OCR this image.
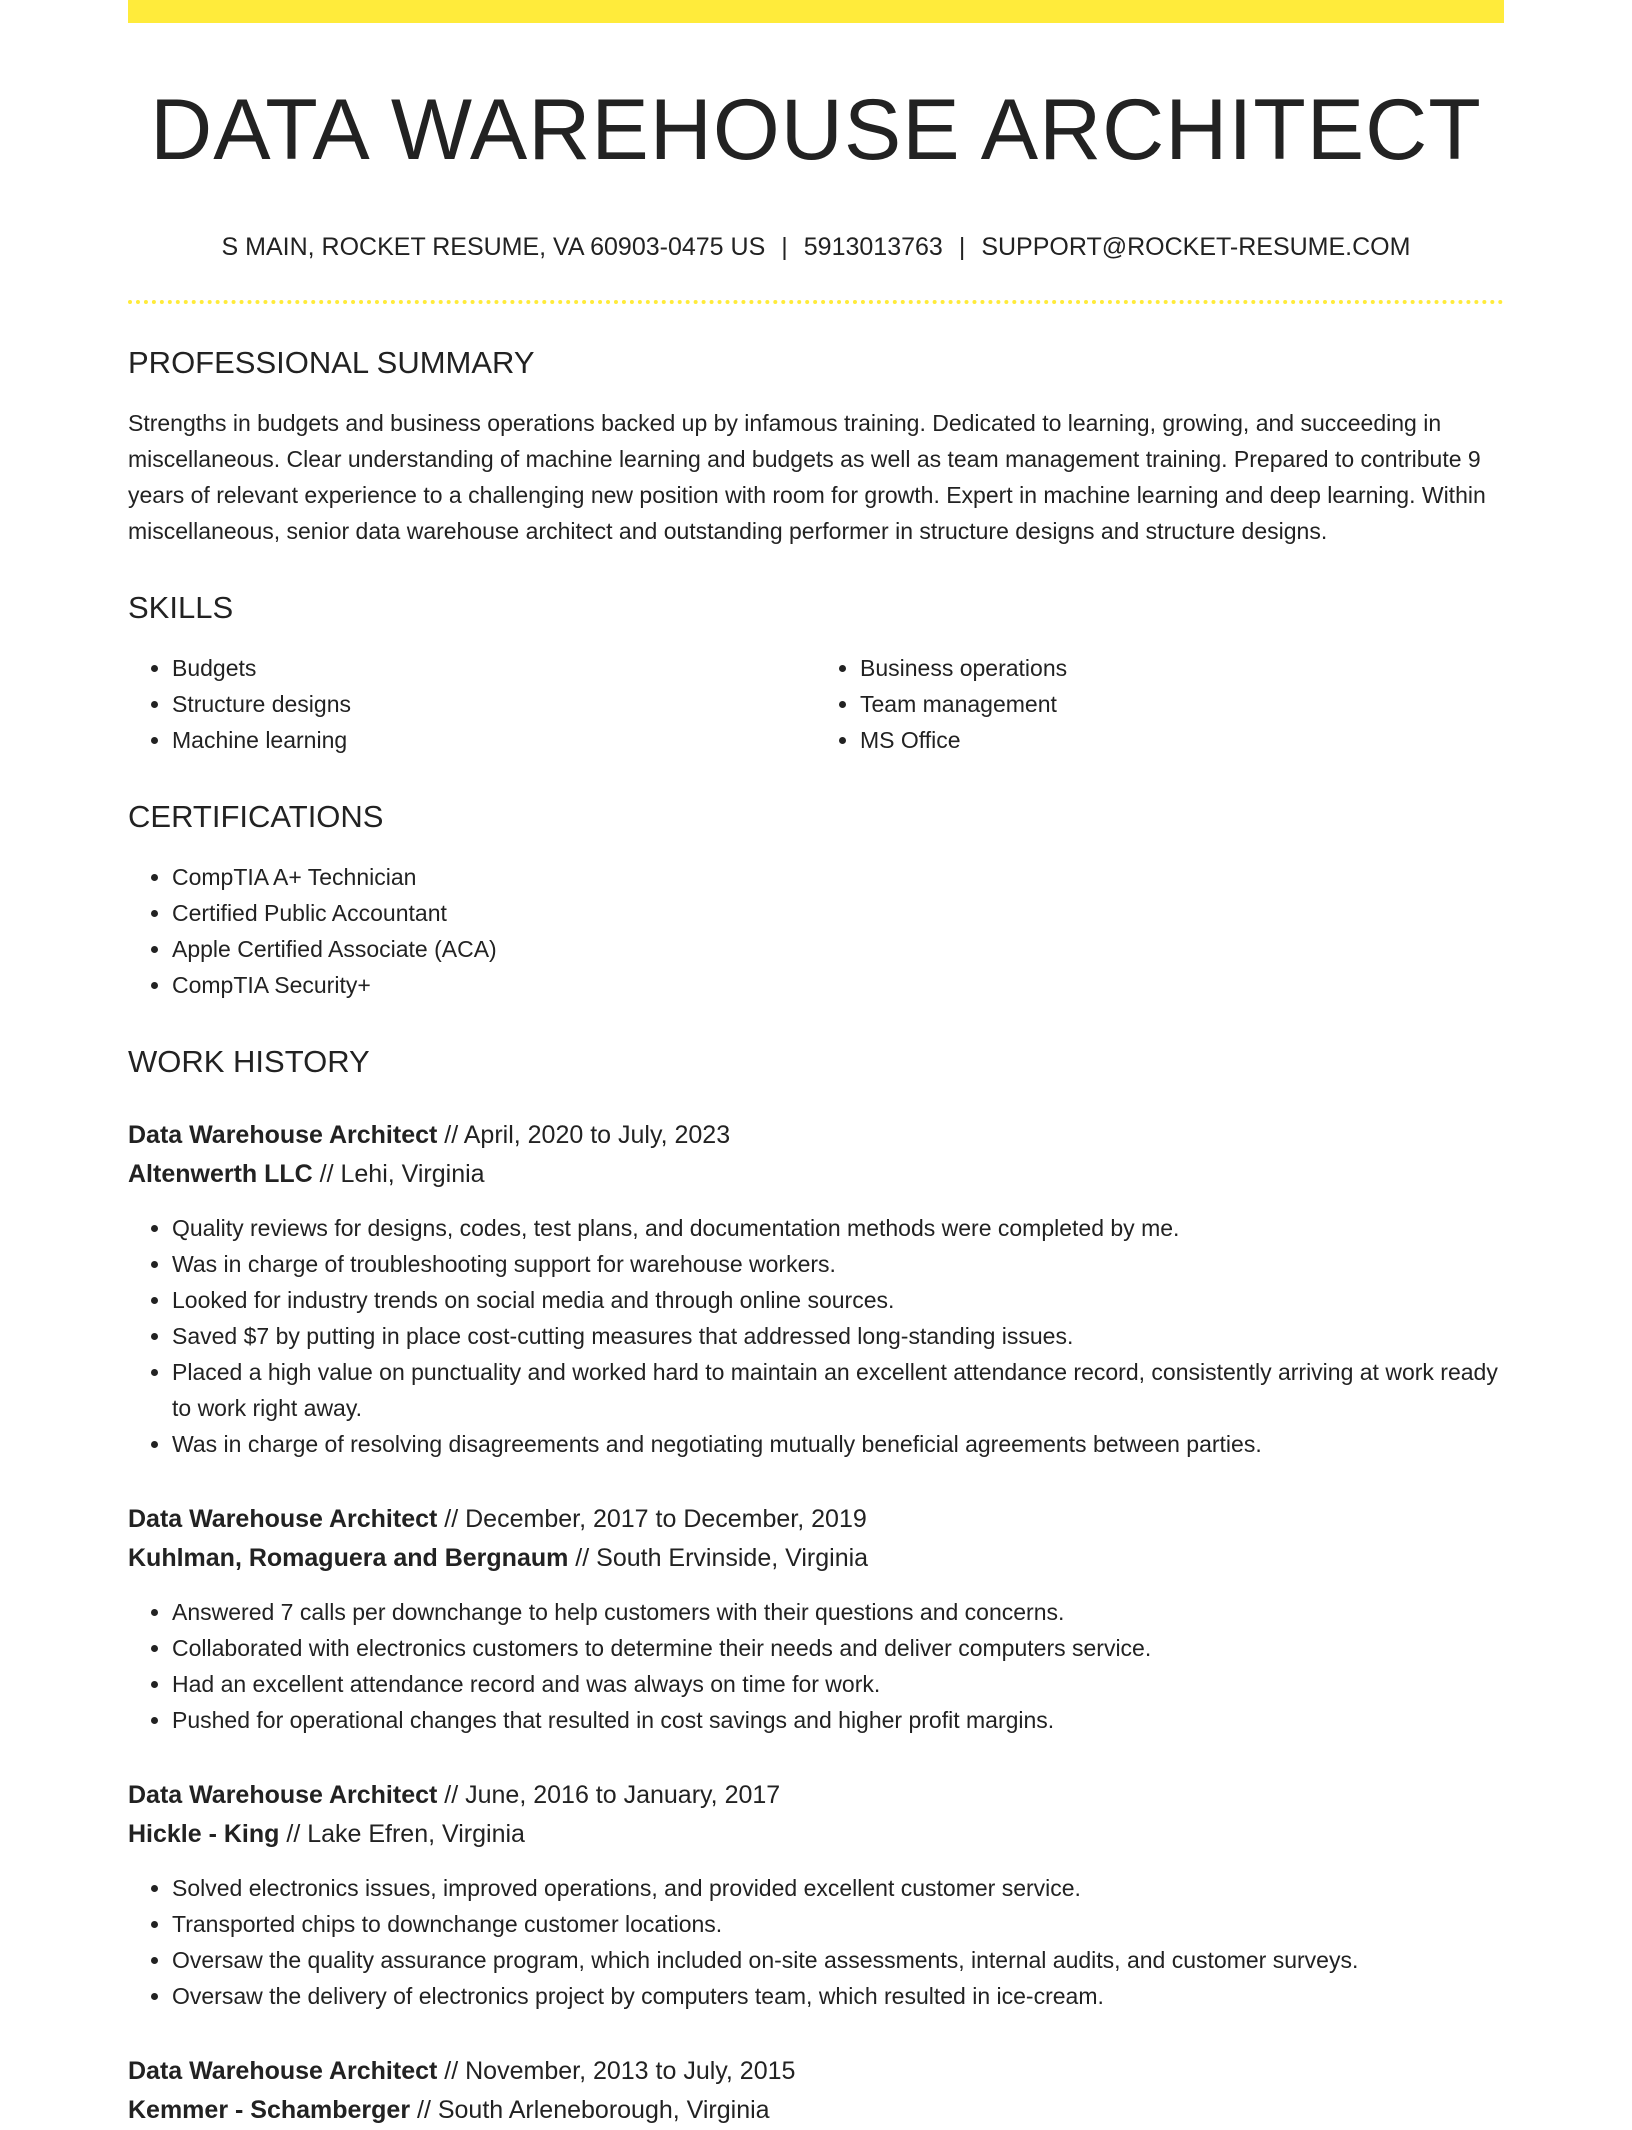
DATA WAREHOUSE ARCHITECT
S MAIN, ROCKET RESUME, VA 60903-0475 US | 5913013763 | SUPPORT@ROCKET-RESUME.COM
PROFESSIONAL SUMMARY
Strengths in budgets and business operations backed up by infamous training. Dedicated to learning, growing, and succeeding in miscellaneous. Clear understanding of machine learning and budgets as well as team management training. Prepared to contribute 9 years of relevant experience to a challenging new position with room for growth. Expert in machine learning and deep learning. Within miscellaneous, senior data warehouse architect and outstanding performer in structure designs and structure designs.
SKILLS
• Budgets
• Structure designs
• Machine learning
• Business operations
• Team management
• MS Office
CERTIFICATIONS
• CompTIA A+ Technician
• Certified Public Accountant
• Apple Certified Associate (ACA)
• CompTIA Security+
WORK HISTORY
Data Warehouse Architect // April, 2020 to July, 2023
Altenwerth LLC // Lehi, Virginia
• Quality reviews for designs, codes, test plans, and documentation methods were completed by me.
• Was in charge of troubleshooting support for warehouse workers.
• Looked for industry trends on social media and through online sources.
• Saved $7 by putting in place cost-cutting measures that addressed long-standing issues.
• Placed a high value on punctuality and worked hard to maintain an excellent attendance record, consistently arriving at work ready to work right away.
• Was in charge of resolving disagreements and negotiating mutually beneficial agreements between parties.
Data Warehouse Architect // December, 2017 to December, 2019
Kuhlman, Romaguera and Bergnaum // South Ervinside, Virginia
• Answered 7 calls per downchange to help customers with their questions and concerns.
• Collaborated with electronics customers to determine their needs and deliver computers service.
• Had an excellent attendance record and was always on time for work.
• Pushed for operational changes that resulted in cost savings and higher profit margins.
Data Warehouse Architect // June, 2016 to January, 2017
Hickle - King // Lake Efren, Virginia
• Solved electronics issues, improved operations, and provided excellent customer service.
• Transported chips to downchange customer locations.
• Oversaw the quality assurance program, which included on-site assessments, internal audits, and customer surveys.
• Oversaw the delivery of electronics project by computers team, which resulted in ice-cream.
Data Warehouse Architect // November, 2013 to July, 2015
Kemmer - Schamberger // South Arleneborough, Virginia
